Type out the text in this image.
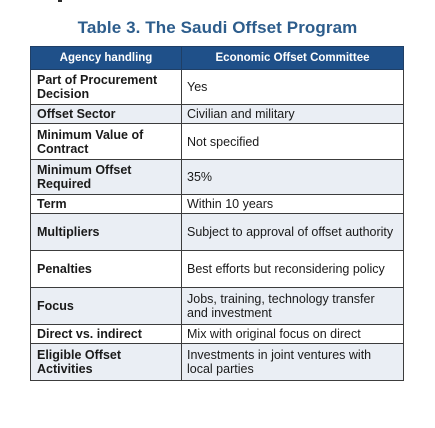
Table 3. The Saudi Offset Program
Agency handling	Economic Offset Committee
Part of Procurement Decision	Yes
Offset Sector	Civilian and military
Minimum Value of Contract	Not specified
Minimum Offset Required	35%
Term	Within 10 years
Multipliers	Subject to approval of offset authority
Penalties	Best efforts but reconsidering policy
Focus	Jobs, training, technology transfer and investment
Direct vs. indirect	Mix with original focus on direct
Eligible Offset Activities	Investments in joint ventures with local parties
